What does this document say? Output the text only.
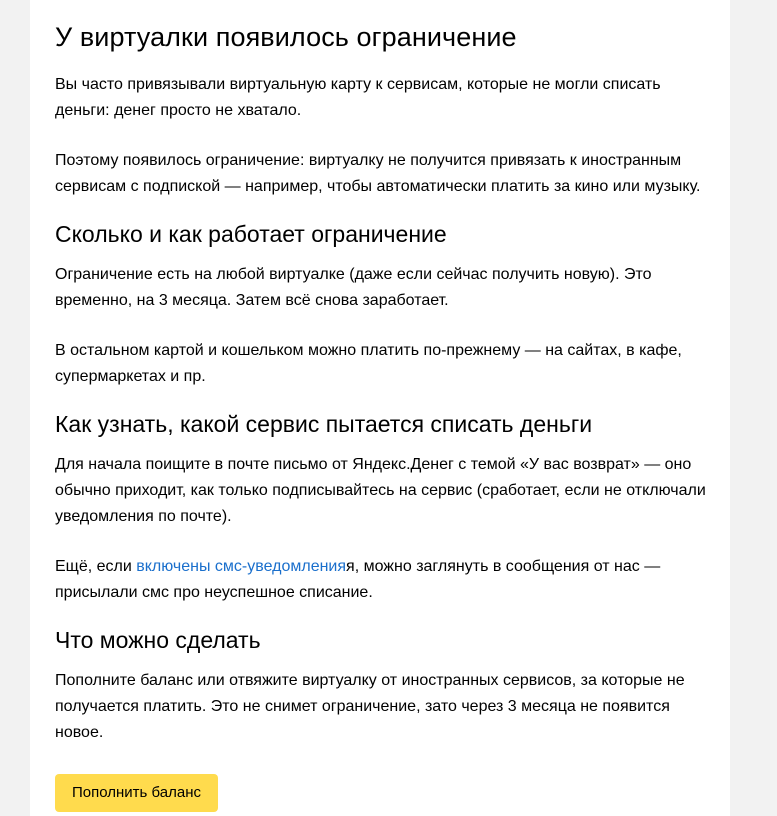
У виртуалки появилось ограничение

Вы часто привязывали виртуальную карту к сервисам, которые не могли списать деньги: денег просто не хватало.

Поэтому появилось ограничение: виртуалку не получится привязать к иностранным сервисам с подпиской — например, чтобы автоматически платить за кино или музыку.

Сколько и как работает ограничение

Ограничение есть на любой виртуалке (даже если сейчас получить новую). Это временно, на 3 месяца. Затем всё снова заработает.

В остальном картой и кошельком можно платить по-прежнему — на сайтах, в кафе, супермаркетах и пр.

Как узнать, какой сервис пытается списать деньги

Для начала поищите в почте письмо от Яндекс.Денег с темой «У вас возврат» — оно обычно приходит, как только подписывайтесь на сервис (сработает, если не отключали уведомления по почте).

Ещё, если включены смс-уведомленияя, можно заглянуть в сообщения от нас — присылали смс про неуспешное списание.

Что можно сделать

Пополните баланс или отвяжите виртуалку от иностранных сервисов, за которые не получается платить. Это не снимет ограничение, зато через 3 месяца не появится новое.

Пополнить баланс
